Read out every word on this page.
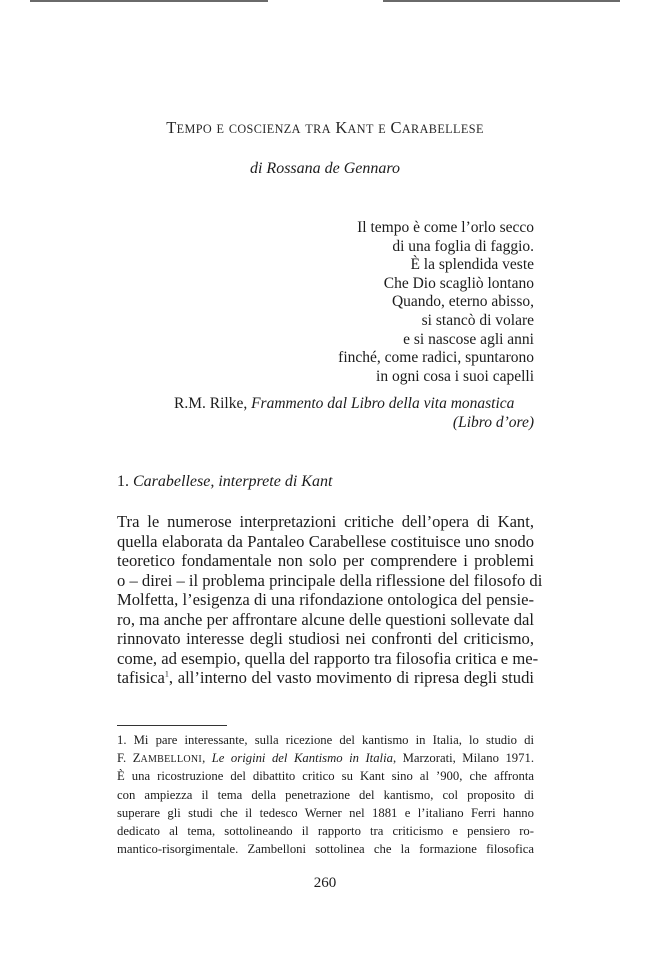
TEMPO E COSCIENZA TRA KANT E CARABELLESE
di Rossana de Gennaro
Il tempo è come l’orlo secco
di una foglia di faggio.
È la splendida veste
Che Dio scagliò lontano
Quando, eterno abisso,
si stancò di volare
e si nascose agli anni
finché, come radici, spuntarono
in ogni cosa i suoi capelli
R.M. Rilke, Frammento dal Libro della vita monastica
(Libro d’ore)
1. Carabellese, interprete di Kant
Tra le numerose interpretazioni critiche dell’opera di Kant,
quella elaborata da Pantaleo Carabellese costituisce uno snodo
teoretico fondamentale non solo per comprendere i problemi
o – direi – il problema principale della riflessione del filosofo di
Molfetta, l’esigenza di una rifondazione ontologica del pensie-
ro, ma anche per affrontare alcune delle questioni sollevate dal
rinnovato interesse degli studiosi nei confronti del criticismo,
come, ad esempio, quella del rapporto tra filosofia critica e me-
tafisica$^1$, all’interno del vasto movimento di ripresa degli studi
1. Mi pare interessante, sulla ricezione del kantismo in Italia, lo studio di
F. ZAMBELLONI, Le origini del Kantismo in Italia, Marzorati, Milano 1971.
È una ricostruzione del dibattito critico su Kant sino al ’900, che affronta
con ampiezza il tema della penetrazione del kantismo, col proposito di
superare gli studi che il tedesco Werner nel 1881 e l’italiano Ferri hanno
dedicato al tema, sottolineando il rapporto tra criticismo e pensiero ro-
mantico-risorgimentale. Zambelloni sottolinea che la formazione filosofica
260
